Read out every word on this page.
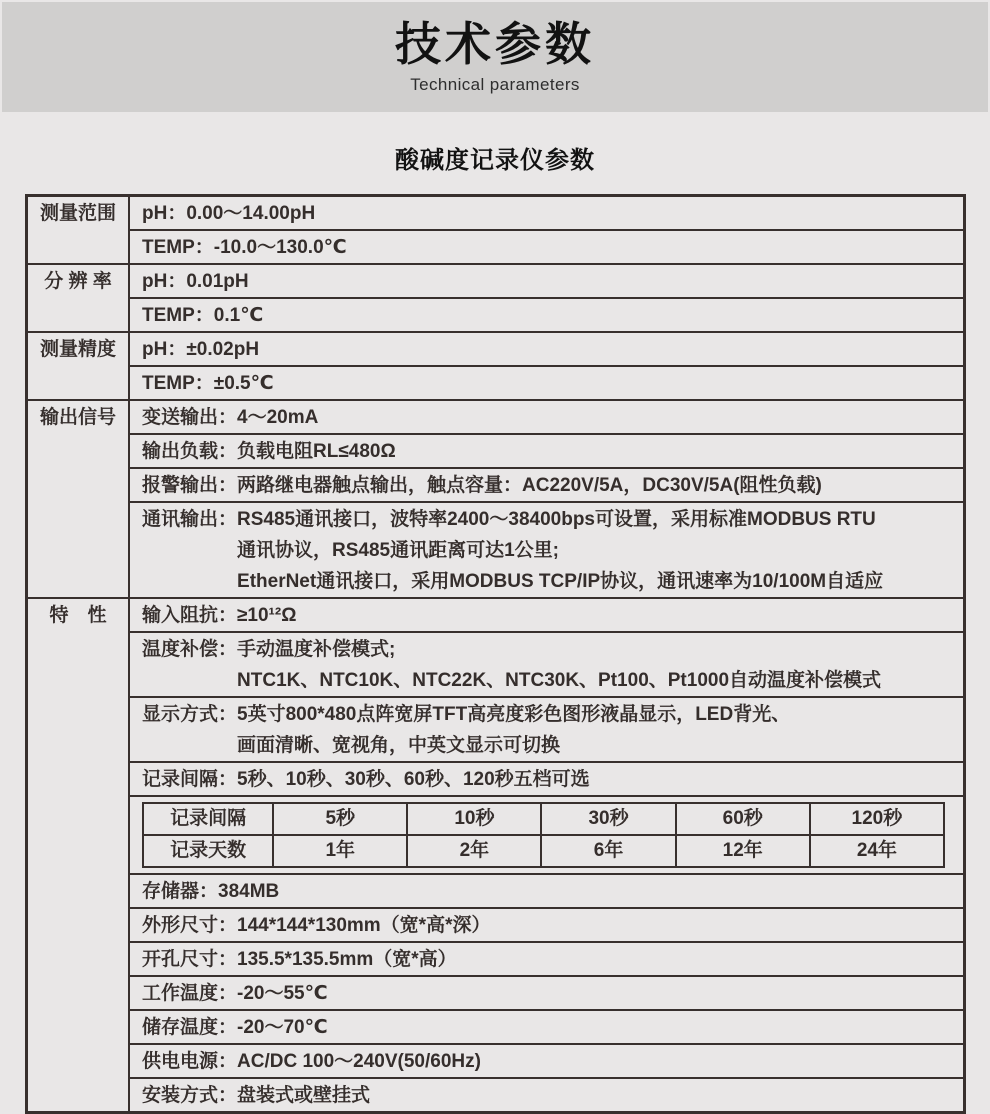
技术参数
Technical parameters
酸碱度记录仪参数
测量范围	pH：0.00～14.00pH
TEMP：-10.0～130.0℃
分 辨 率	pH：0.01pH
TEMP：0.1℃
测量精度	pH：±0.02pH
TEMP：±0.5℃
输出信号	变送输出：4～20mA
输出负载：负载电阻RL≤480Ω
报警输出：两路继电器触点输出，触点容量：AC220V/5A，DC30V/5A(阻性负载)

通讯输出： RS485通讯接口，波特率2400～38400bps可设置，采用标准MODBUS RTU
通讯协议，RS485通讯距离可达1公里;
EtherNet通讯接口，采用MODBUS TCP/IP协议，通讯速率为10/100M自适应

特　性	输入阻抗：≥10¹²Ω

温度补偿： 手动温度补偿模式;
NTC1K、NTC10K、NTC22K、NTC30K、Pt100、Pt1000自动温度补偿模式

显示方式： 5英寸800*480点阵宽屏TFT高亮度彩色图形液晶显示，LED背光、
画面清晰、宽视角，中英文显示可切换

记录间隔：5秒、10秒、30秒、60秒、120秒五档可选

记录间隔	5秒	10秒	30秒	60秒	120秒
记录天数	1年	2年	6年	12年	24年

存储器：384MB
外形尺寸：144*144*130mm（宽*高*深）
开孔尺寸：135.5*135.5mm（宽*高）
工作温度：-20～55℃
储存温度：-20～70℃
供电电源：AC/DC 100～240V(50/60Hz)
安装方式：盘装式或壁挂式
